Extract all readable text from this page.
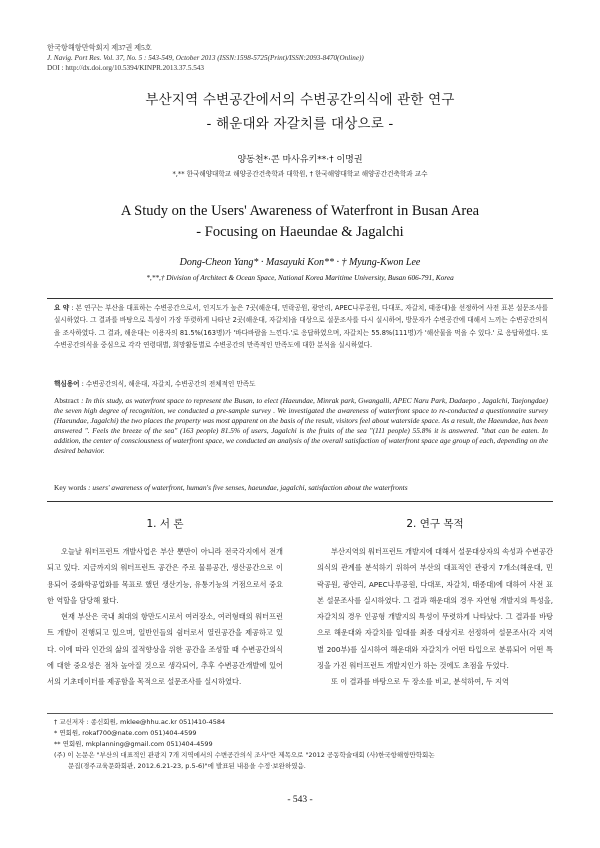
한국항해항만학회지 제37권 제5호
J. Navig. Port Res. Vol. 37, No. 5 : 543-549, October 2013 (ISSN:1598-5725(Print)/ISSN:2093-8470(Online))
DOI : http://dx.doi.org/10.5394/KINPR.2013.37.5.543
부산지역 수변공간에서의 수변공간의식에 관한 연구
- 해운대와 자갈치를 대상으로 -
양동천*·콘 마사유키**·† 이명권
*,** 한국해양대학교 해양공간건축학과 대학원, † 한국해양대학교 해양공간건축학과 교수
A Study on the Users' Awareness of Waterfront in Busan Area
- Focusing on Haeundae & Jagalchi
Dong-Cheon Yang* · Masayuki Kon** · † Myung-Kwon Lee
*,**,† Division of Architect & Ocean Space, National Korea Maritime University, Busan 606-791, Korea
요 약 : 본 연구는 부산을 대표하는 수변공간으로서, 인지도가 높은 7곳(해운대, 민락공원, 광안리, APEC나루공원, 다대포, 자갈치, 태종대)을 선정하여 사전 표본 설문조사를 실시하였다. 그 결과를 바탕으로 특성이 가장 뚜렷하게 나타난 2곳(해운대, 자갈치)을 대상으로 설문조사를 다시 실시하여, 방문자가 수변공간에 대해서 느끼는 수변공간의식을 조사하였다. 그 결과, 해운대는 이용자의 81.5%(163명)가 '바다바람을 느낀다.'로 응답하였으며, 자갈치는 55.8%(111명)가 '해산물을 먹을 수 있다.' 로 응답하였다. 또 수변공간의식을 중심으로 각각 연령대별, 희망활동별로 수변공간의 만족적인 만족도에 대한 분석을 실시하였다.
핵심용어 : 수변공간의식, 해운대, 자갈치, 수변공간의 전체적인 만족도
Abstract : In this study, as waterfront space to represent the Busan, to elect (Haeundae, Minrak park, Gwangalli, APEC Naru Park, Dadaepo , Jagalchi, Taejongdae) the seven high degree of recognition, we conducted a pre-sample survey . We investigated the awareness of waterfront space to re-conducted a questionnaire survey (Haeundae, Jagalchi) the two places the property was most apparent on the basis of the result, visitors feel about waterside space. As a result, the Haeundae, has been answered ". Feels the breeze of the sea" (163 people) 81.5% of users, Jagalchi is the fruits of the sea "(111 people) 55.8% it is answered. "that can be eaten. In addition, the center of consciousness of waterfront space, we conducted an analysis of the overall satisfaction of waterfront space age group of each, depending on the desired behavior.
Key words : users' awareness of waterfront, human's five senses, haeundae, jagalchi, satisfaction about the waterfronts
1. 서 론	2. 연구 목적

오늘날 워터프런트 개발사업은 부산 뿐만이 아니라 전국각지에서 전개되고 있다. 지금까지의 워터프런트 공간은 주로 물류공간, 생산공간으로 이용되어 중화학공업화를 목표로 했던 생산기능, 유통기능의 거점으로서 중요한 역할을 담당해 왔다.

현재 부산은 국내 최대의 항만도시로서 여러장소, 여러형태의 워터프런트 개발이 진행되고 있으며, 일반인들의 쉼터로서 열린공간을 제공하고 있다. 이에 따라 인간의 삶의 질적향상을 위한 공간을 조성할 때 수변공간의식에 대한 중요성은 점차 높아질 것으로 생각되어, 추후 수변공간개발에 있어서의 기초데이터를 제공함을 목적으로 설문조사를 실시하였다.

부산지역의 워터프런트 개발지에 대해서 설문대상자의 속성과 수변공간의식의 관계를 분석하기 위하여 부산의 대표적인 관광지 7개소(해운대, 민락공원, 광안리, APEC나루공원, 다대포, 자갈치, 태종대)에 대하여 사전 표본 설문조사를 실시하였다. 그 결과 해운대의 경우 자연형 개발지의 특성을, 자갈치의 경우 인공형 개발지의 특성이 뚜렷하게 나타났다. 그 결과를 바탕으로 해운대와 자갈치를 일대를 최종 대상지로 선정하여 설문조사(각 지역별 200부)를 실시하여 해운대와 자갈치가 어떤 타입으로 분류되어 어떤 특징을 가진 워터프런트 개발지인가 하는 것에도 초점을 두었다.

또 이 결과를 바탕으로 두 장소를 비교, 분석하여, 두 지역

† 교신저자 : 종신회원, mklee@hhu.ac.kr 051)410-4584
* 연회원, rokaf700@nate.com 051)404-4599
** 연회원, mkplanning@gmail.com 051)404-4599
(주) 이 논문은 "부산의 대표적인 관광지 7개 지역에서의 수변공간의식 조사"란 제목으로 "2012 공동학술대회 (사)한국항해항만학회논
문집(경주교육문화회관, 2012.6.21-23, p.5-6)"에 발표된 내용을 수정·보완하였음.
- 543 -
